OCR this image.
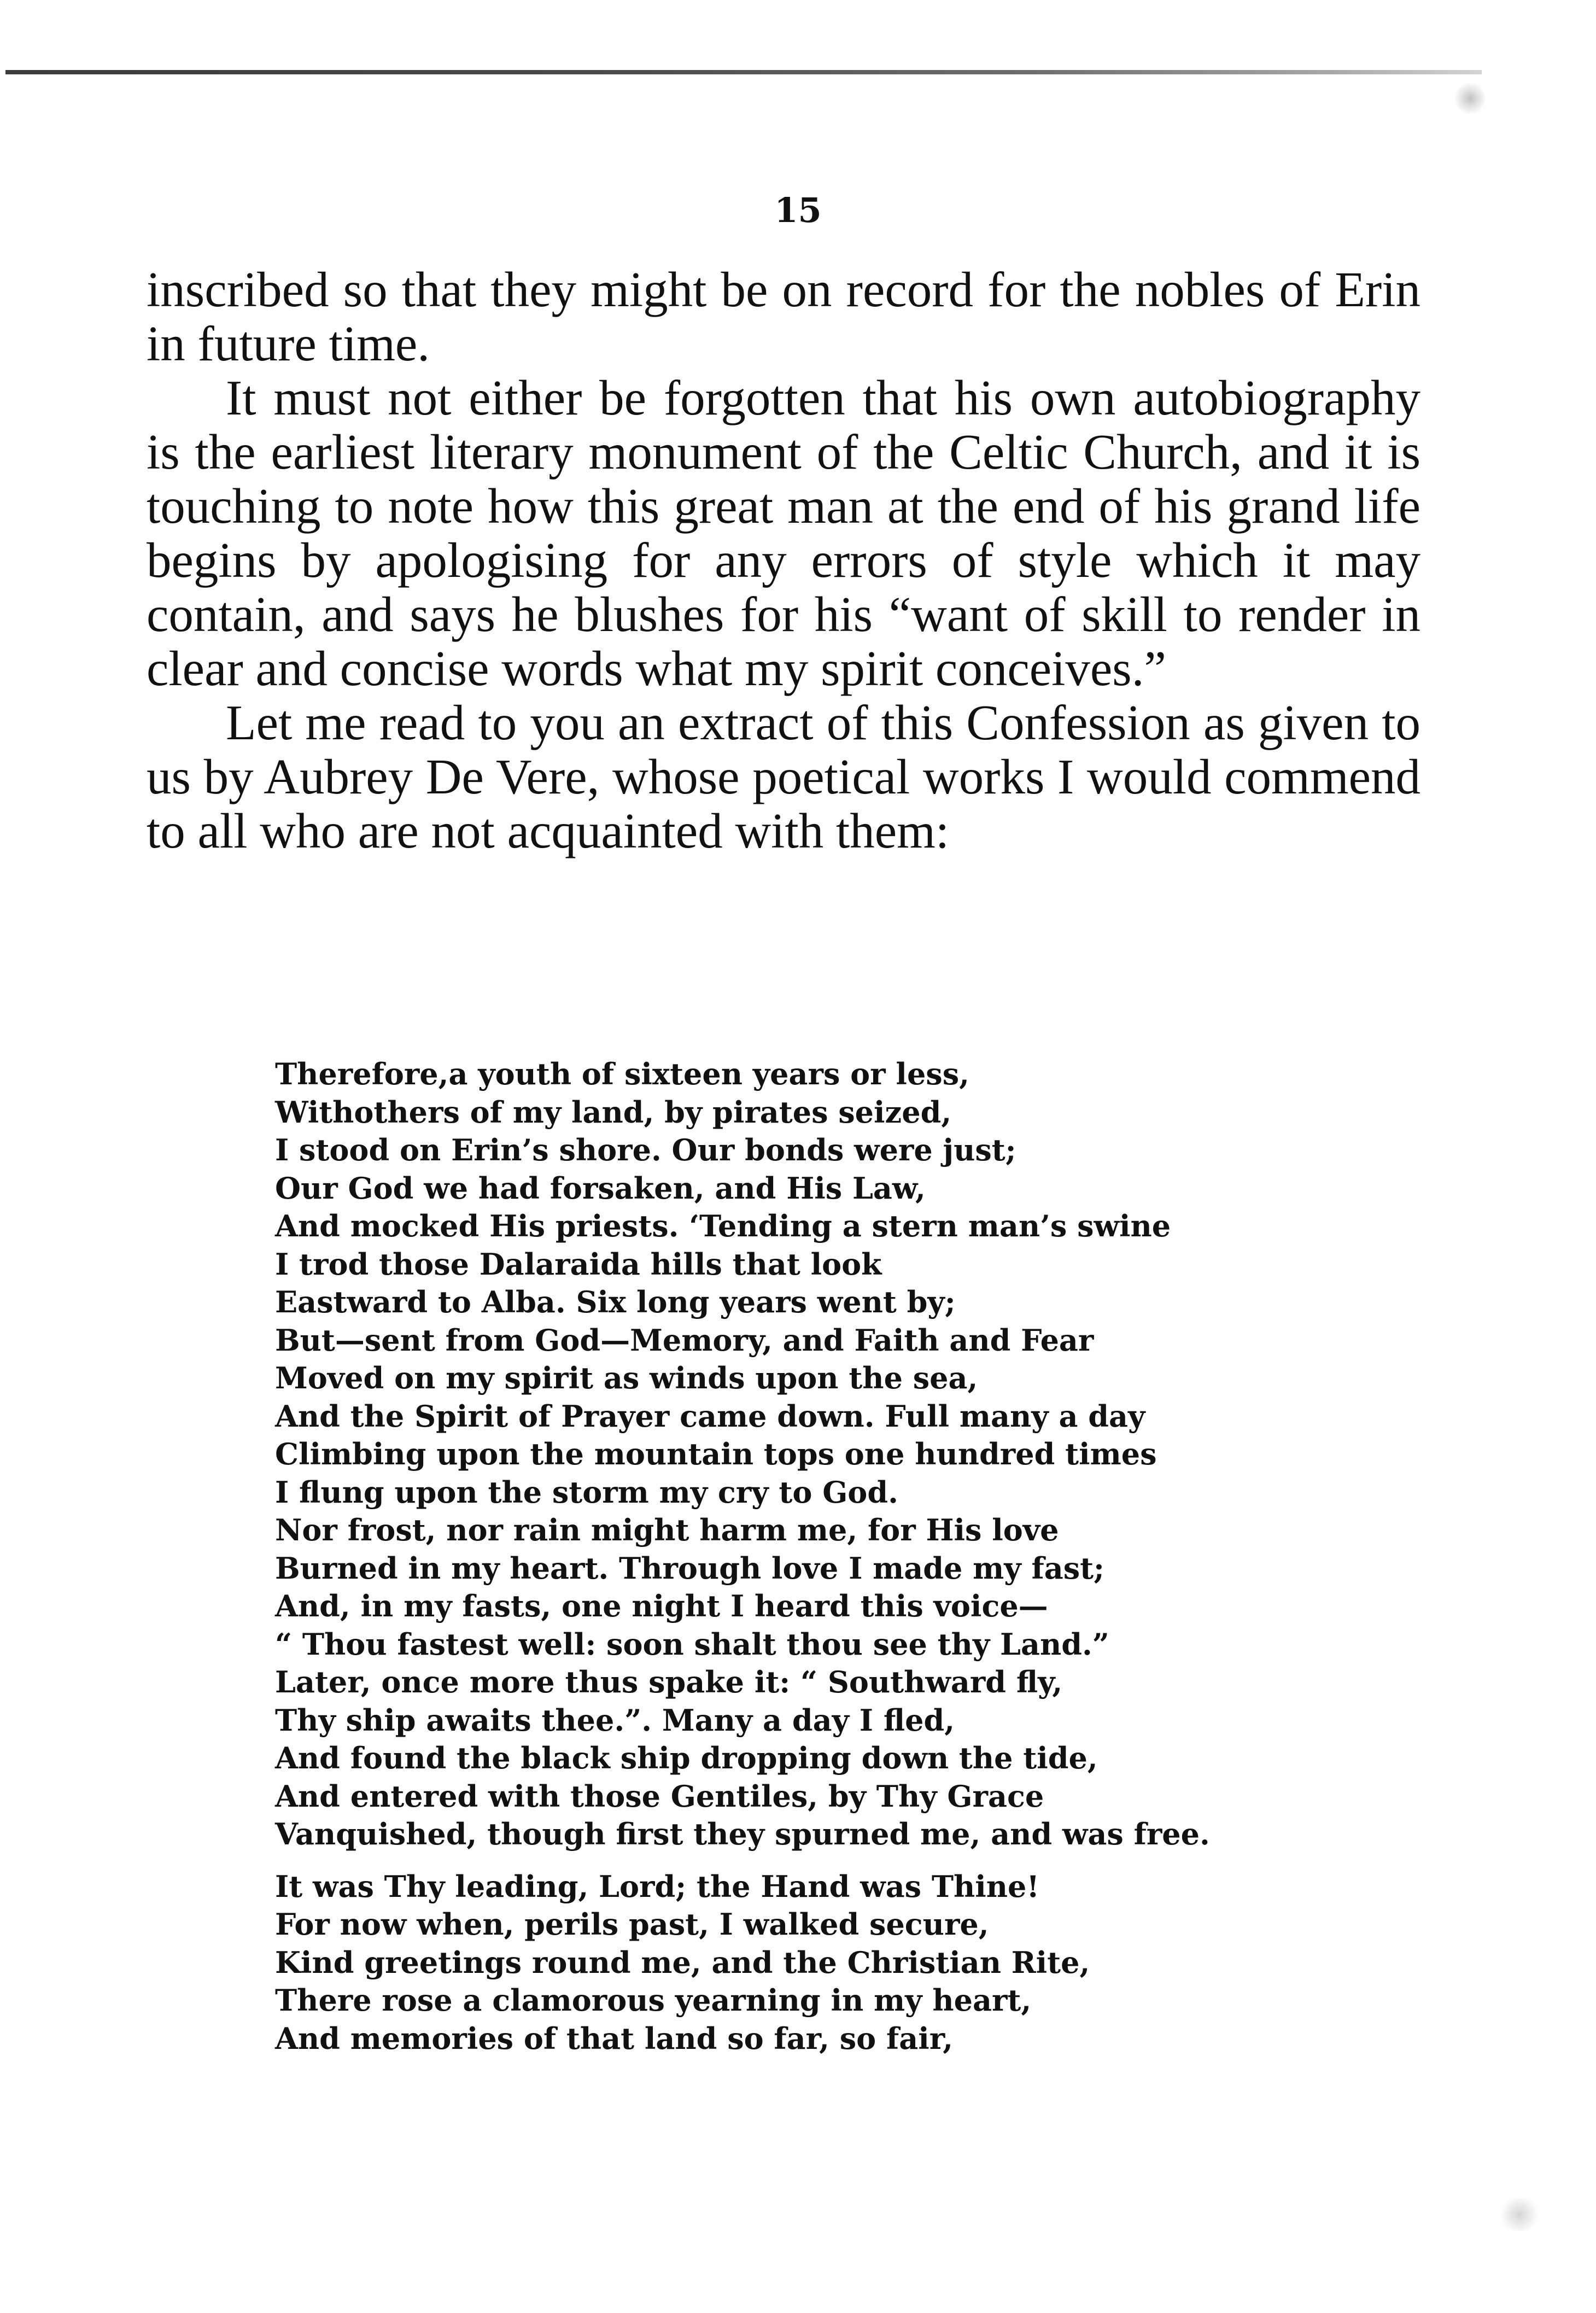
15

inscribed so that they might be on record for the nobles of Erin in future time.

It must not either be forgotten that his own autobiography is the earliest literary monument of the Celtic Church, and it is touching to note how this great man at the end of his grand life begins by apologising for any errors of style which it may contain, and says he blushes for his “want of skill to render in clear and concise words what my spirit conceives.”

Let me read to you an extract of this Confession as given to us by Aubrey De Vere, whose poetical works I would commend to all who are not acquainted with them:

Therefore,a youth of sixteen years or less,
Withothers of my land, by pirates seized,
I stood on Erin’s shore. Our bonds were just;
Our God we had forsaken, and His Law,
And mocked His priests. ‘Tending a stern man’s swine
I trod those Dalaraida hills that look
Eastward to Alba. Six long years went by;
But—sent from God—Memory, and Faith and Fear
Moved on my spirit as winds upon the sea,
And the Spirit of Prayer came down. Full many a day
Climbing upon the mountain tops one hundred times
I flung upon the storm my cry to God.
Nor frost, nor rain might harm me, for His love
Burned in my heart. Through love I made my fast;
And, in my fasts, one night I heard this voice—
“ Thou fastest well: soon shalt thou see thy Land.”
Later, once more thus spake it: “ Southward fly,
Thy ship awaits thee.”. Many a day I fled,
And found the black ship dropping down the tide,
And entered with those Gentiles, by Thy Grace
Vanquished, though first they spurned me, and was free.
It was Thy leading, Lord; the Hand was Thine!
For now when, perils past, I walked secure,
Kind greetings round me, and the Christian Rite,
There rose a clamorous yearning in my heart,
And memories of that land so far, so fair,
